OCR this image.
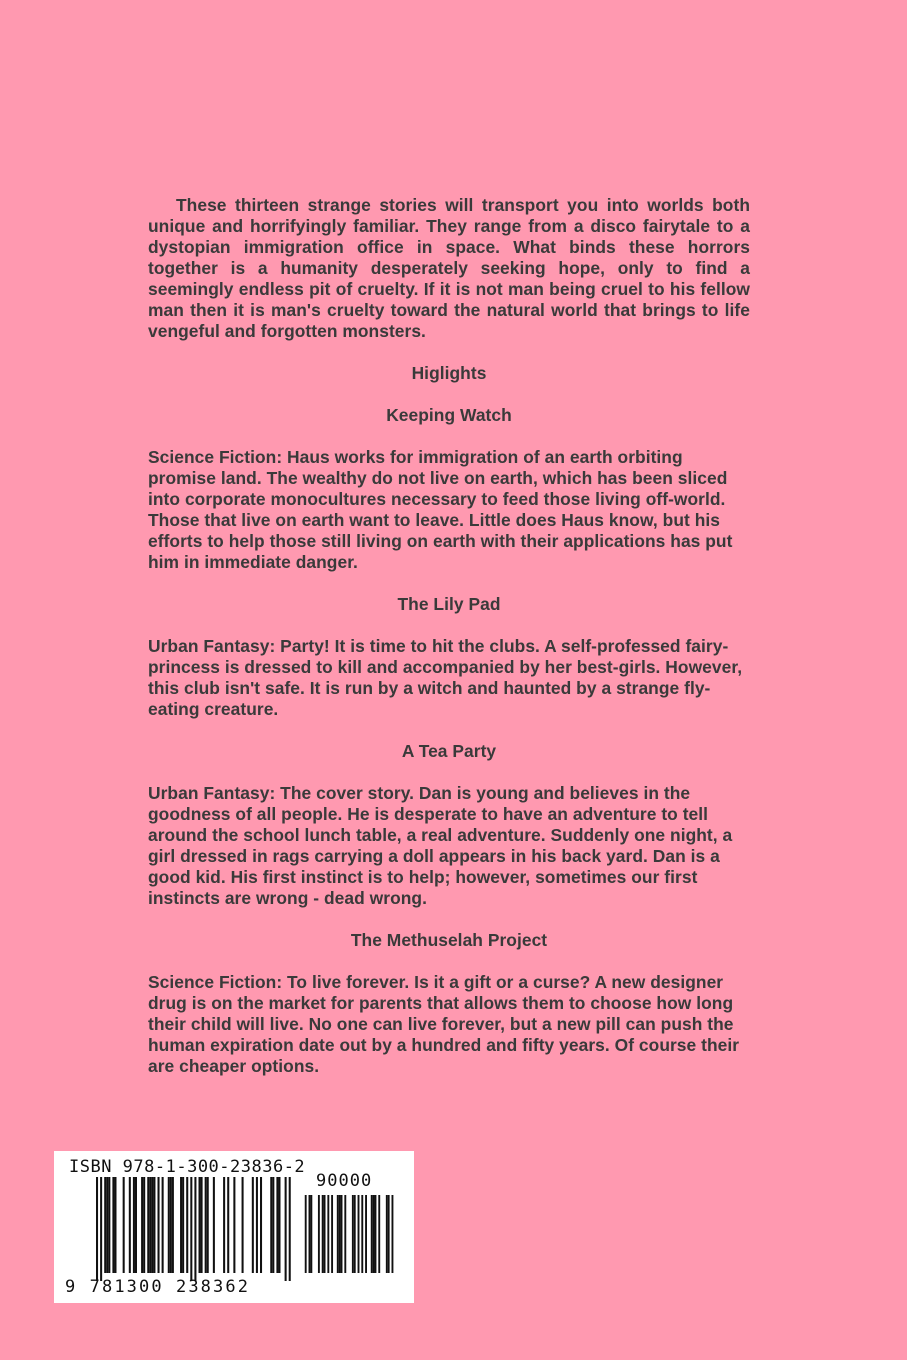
These thirteen strange stories will transport you into worlds both unique and horrifyingly familiar. They range from a disco fairytale to a dystopian immigration office in space. What binds these horrors together is a humanity desperately seeking hope, only to find a seemingly endless pit of cruelty. If it is not man being cruel to his fellow man then it is man's cruelty toward the natural world that brings to life vengeful and forgotten monsters.

Higlights

Keeping Watch

Science Fiction: Haus works for immigration of an earth orbiting promise land. The wealthy do not live on earth, which has been sliced into corporate monocultures necessary to feed those living off-world. Those that live on earth want to leave. Little does Haus know, but his efforts to help those still living on earth with their applications has put him in immediate danger.

The Lily Pad

Urban Fantasy: Party! It is time to hit the clubs. A self-professed fairy-princess is dressed to kill and accompanied by her best-girls. However, this club isn't safe. It is run by a witch and haunted by a strange fly-eating creature.

A Tea Party

Urban Fantasy: The cover story. Dan is young and believes in the goodness of all people. He is desperate to have an adventure to tell around the school lunch table, a real adventure. Suddenly one night, a girl dressed in rags carrying a doll appears in his back yard. Dan is a good kid. His first instinct is to help; however, sometimes our first instincts are wrong - dead wrong.

The Methuselah Project

Science Fiction: To live forever. Is it a gift or a curse? A new designer drug is on the market for parents that allows them to choose how long their child will live. No one can live forever, but a new pill can push the human expiration date out by a hundred and fifty years. Of course their are cheaper options.

ISBN 978-1-300-23836-2
90000
9 781300 238362
